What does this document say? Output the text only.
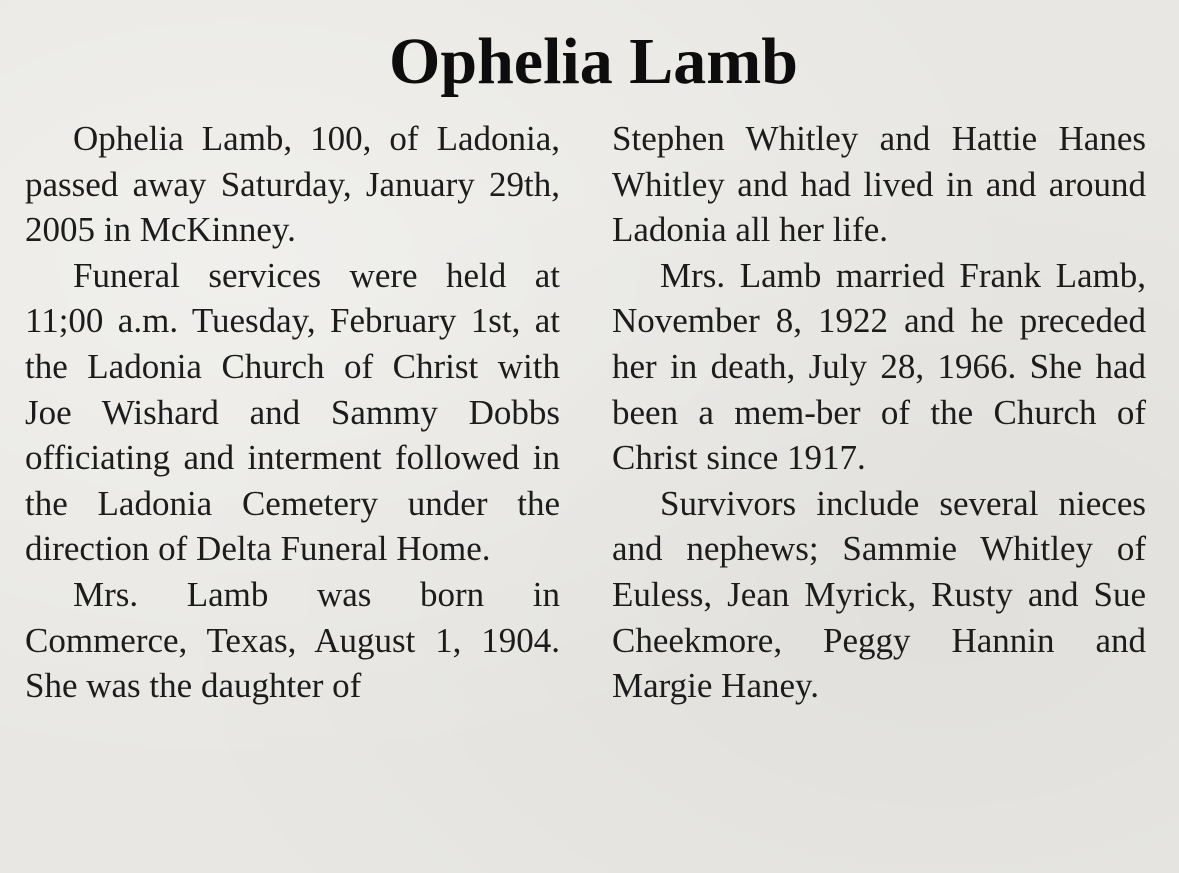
Ophelia Lamb

Ophelia Lamb, 100, of Ladonia, passed away Saturday, January 29th, 2005 in McKinney.

Funeral services were held at 11;00 a.m. Tuesday, February 1st, at the Ladonia Church of Christ with Joe Wishard and Sammy Dobbs officiating and interment followed in the Ladonia Cemetery under the direction of Delta Funeral Home.

Mrs. Lamb was born in Commerce, Texas, August 1, 1904. She was the daughter of

Stephen Whitley and Hattie Hanes Whitley and had lived in and around Ladonia all her life.

Mrs. Lamb married Frank Lamb, November 8, 1922 and he preceded her in death, July 28, 1966. She had been a mem-ber of the Church of Christ since 1917.

Survivors include several nieces and nephews; Sammie Whitley of Euless, Jean Myrick, Rusty and Sue Cheekmore, Peggy Hannin and Margie Haney.
